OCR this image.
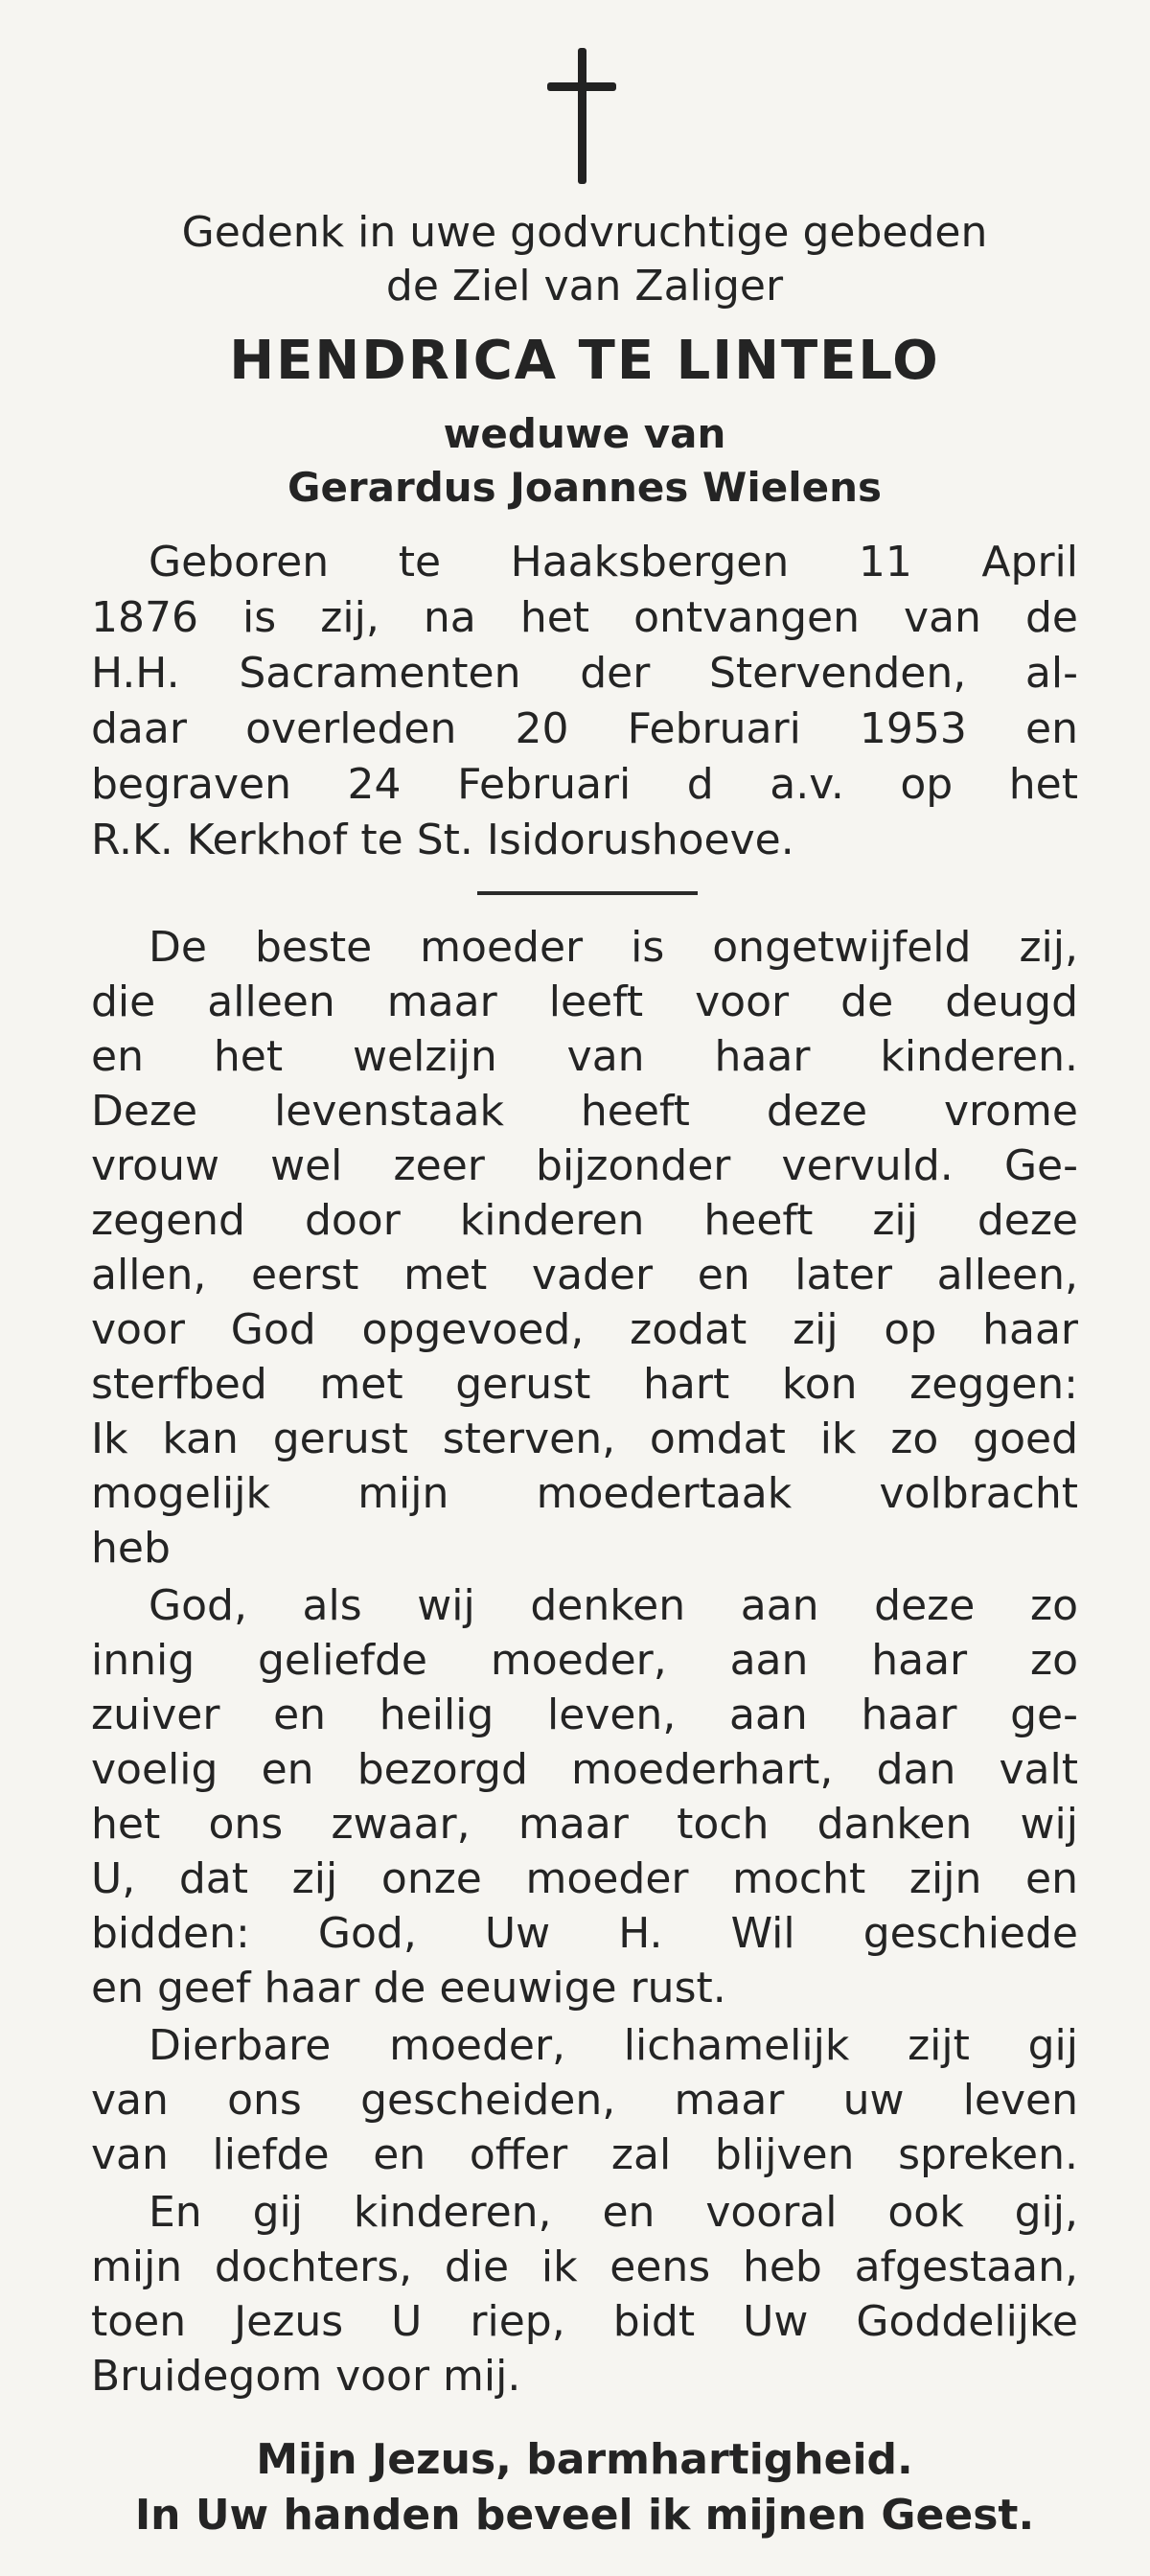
Gedenk in uwe godvruchtige gebeden
de Ziel van Zaliger
HENDRICA TE LINTELO
weduwe van
Gerardus Joannes Wielens
Geboren te Haaksbergen 11 April
1876 is zij, na het ontvangen van de
H.H. Sacramenten der Stervenden, al-
daar overleden 20 Februari 1953 en
begraven 24 Februari d a.v. op het
R.K. Kerkhof te St. Isidorushoeve.
De beste moeder is ongetwijfeld zij,
die alleen maar leeft voor de deugd
en het welzijn van haar kinderen.
Deze levenstaak heeft deze vrome
vrouw wel zeer bijzonder vervuld. Ge-
zegend door kinderen heeft zij deze
allen, eerst met vader en later alleen,
voor God opgevoed, zodat zij op haar
sterfbed met gerust hart kon zeggen:
Ik kan gerust sterven, omdat ik zo goed
mogelijk mijn moedertaak volbracht
heb
God, als wij denken aan deze zo
innig geliefde moeder, aan haar zo
zuiver en heilig leven, aan haar ge-
voelig en bezorgd moederhart, dan valt
het ons zwaar, maar toch danken wij
U, dat zij onze moeder mocht zijn en
bidden: God, Uw H. Wil geschiede
en geef haar de eeuwige rust.
Dierbare moeder, lichamelijk zijt gij
van ons gescheiden, maar uw leven
van liefde en offer zal blijven spreken.
En gij kinderen, en vooral ook gij,
mijn dochters, die ik eens heb afgestaan,
toen Jezus U riep, bidt Uw Goddelijke
Bruidegom voor mij.
Mijn Jezus, barmhartigheid.
In Uw handen beveel ik mijnen Geest.
